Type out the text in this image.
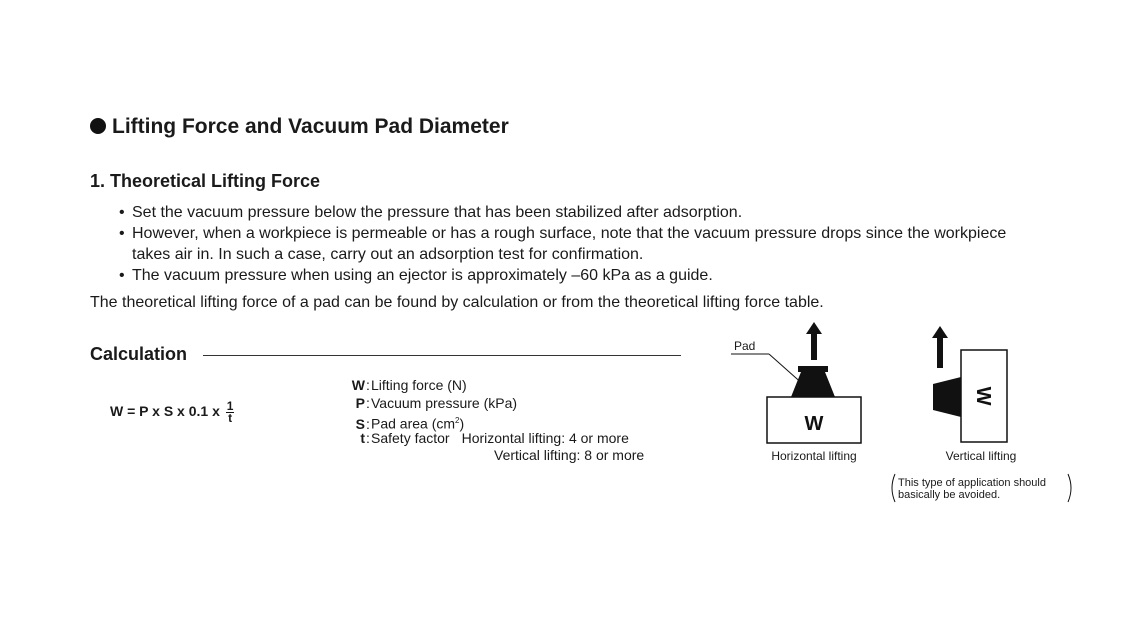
Lifting Force and Vacuum Pad Diameter
1. Theoretical Lifting Force
• Set the vacuum pressure below the pressure that has been stabilized after adsorption.
• However, when a workpiece is permeable or has a rough surface, note that the vacuum pressure drops since the workpiece
takes air in. In such a case, carry out an adsorption test for confirmation.
• The vacuum pressure when using an ejector is approximately –60 kPa as a guide.
The theoretical lifting force of a pad can be found by calculation or from the theoretical lifting force table.
Calculation
W = P x S x 0.1 x $\frac{1}{t}$
W:Lifting force (N)
P:Vacuum pressure (kPa)
S:Pad area $(cm^2)$
t:Safety factor Horizontal lifting: 4 or more
Vertical lifting: 8 or more
Pad
W
Horizontal lifting
W
Vertical lifting
This type of application should
basically be avoided.
